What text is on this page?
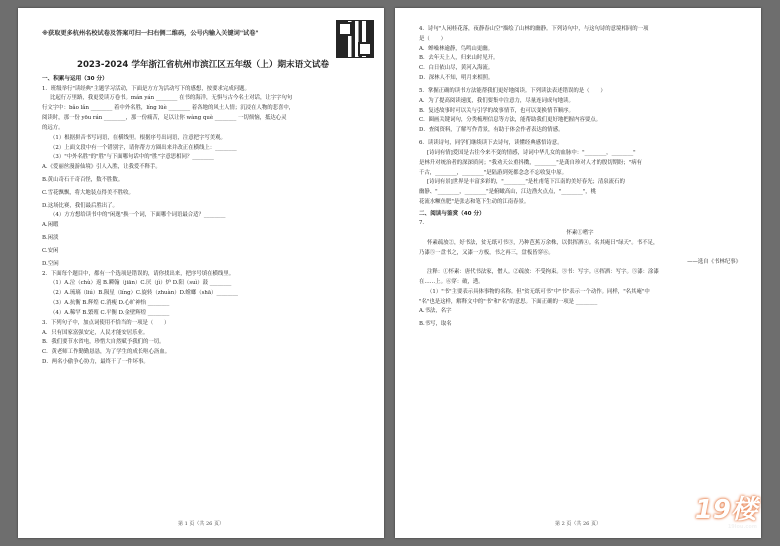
※获取更多杭州名校试卷及答案可扫一扫右侧二维码，公号内输入关键词"试卷"
2023-2024 学年浙江省杭州市滨江区五年级（上）期末语文试卷
一、积累与运用（30 分）
1．班级举行"读经典"主题学习活动，下面是方方为活动写下的感想，按要求完成问题。
比起行万里路，我更爱读万卷书。mán yán ________ 在书的海洋，无惧与古今名士对话，让字字句句
行文字中：bǎo lǎn ________ 着中外名胜，líng lüè ________ 着各地的风土人情；沉浸在人物的悲喜中，
阅读时，那一份 yōu rán ________，那一份痛苦，足以让你 wàng què ________ 一切烦恼，抵达心灵
的远方。
（1）根据拼音书写词语，在横线里。根据序号出词语，注意把字写美观。
（2）上面文段中有一个错别字，请你帮方方圈出来并改正在横线上：________
（3）"中外名胜"的"胜"与下面哪句话中的"胜"字意思相同？________
A.《爱丽丝漫游仙境》引人入胜，让我爱不释手。
B.黄山奇石千奇百怪，数不胜数。
C.雪花飘飘，将大地装点得美不胜收。
D.这场比赛，我们最后胜出了。
（4）方方想给读书中的"闲逸"换一个词，下面哪个词语最合适？________
A.闲暇
B.闲淡
C.安闲
D.空闲
2．下面每个题目中，都有一个选项是错误的，请你找出来，把序号填在横线里。
（1）A.泣（chù）返 B.瞬翰（jiān）C.厌（jì）炉 D.阳（suì）鼓 ________
（2）A.琉璃（liú）B.陨星（líng）C.旋转（zhuàn）D.螳螂（shā）________
（3）A.抗衡 B.辉煌 C.消瘦 D.心旷神怡 ________
（4）A.稀罕 B.繁殖 C.平衡 D.金壁辉煌 ________
3．下列句子中，加点词使用不恰当的一项是（　　）
A．只有国家富强安定，人民才能安居乐业。
B．我们要节水省电，珍惜大自然赋予我们的一切。
C．黄老师工作勤勤恳恳，为了学生的成长呕心沥血。
D．两名小偷争心协力，最终干了一件坏事。
第 1 页（共 26 页）
4．诗句"人闲桂花落，夜静春山空"描绘了山林的幽静。下列诗句中，与这句诗的意境相同的一项
是（　　）
A．蝉噪林逾静，鸟鸣山更幽。
B．去年天上人，归来山时见开。
C．白日依山尽，黄河入海流。
D．深林人不知，明月来相照。
5．掌握正确的读书方法能帮我们更好地阅读。下列读法表述错误的是（　　）
A．为了提高阅读速度，我们要集中注意力，尽量连词成句地读。
B．复述故事时可以关与引学的故事情节，也可以变换情节顺序。
C．圈画关键词句，分类梳理信息等方法，能帮助我们更好地把握内容要点。
D．查阅资料，了解写作背景，有助于体会作者表达的情感。
6．读读诗句，同学们继续读下去诗句，读懂经典感悟诗意。
[诗词有情]爱国是古往今来不变的情感，诗词中华儿女的血脉中："________，________"
是林升对统治者的深深质问；"我劝天公重抖擞，________"是龚自珍对人才的殷切期盼；"病有
千古，________，________"是陆游到死都念念不忘收复中原。
[诗词有景]世界是丰富多彩的，"________"是杜甫笔下江南的美好春光；清泉流石的
幽静、"________，________"是俯瞰高山，江边渔火点点，"________"，桃
花流水鳜鱼肥"是张志和笔下生动的江南春景。
二、阅读与鉴赏（40 分）
7．
怀素①嗜字
怀素疏放②，好书法，贫无纸可书③，乃种芭蕉万余株，以供挥洒④。名其庵曰"绿天"。书不足，
乃漆⑤一盘书之，又漆一方板，书之再三，盘板皆穿⑥。
——选自《书林纪事》
注释：①怀素：唐代书法家，僧人。②疏放：不受拘束。③书：写字。④挥洒：写字。⑤漆：涂漆
在……上。⑥穿：破，透。
（1）"书"主要表示具体事物的名称。但"贫无纸可书"中"书"表示一个动作。同样，"名其庵"中
"名"也是这样，解释文中的"书"和"名"的意思。下面正确的一项是 ________
A.书法，名字
B.书写，取名
第 2 页（共 26 页）	19楼
19lou.com
